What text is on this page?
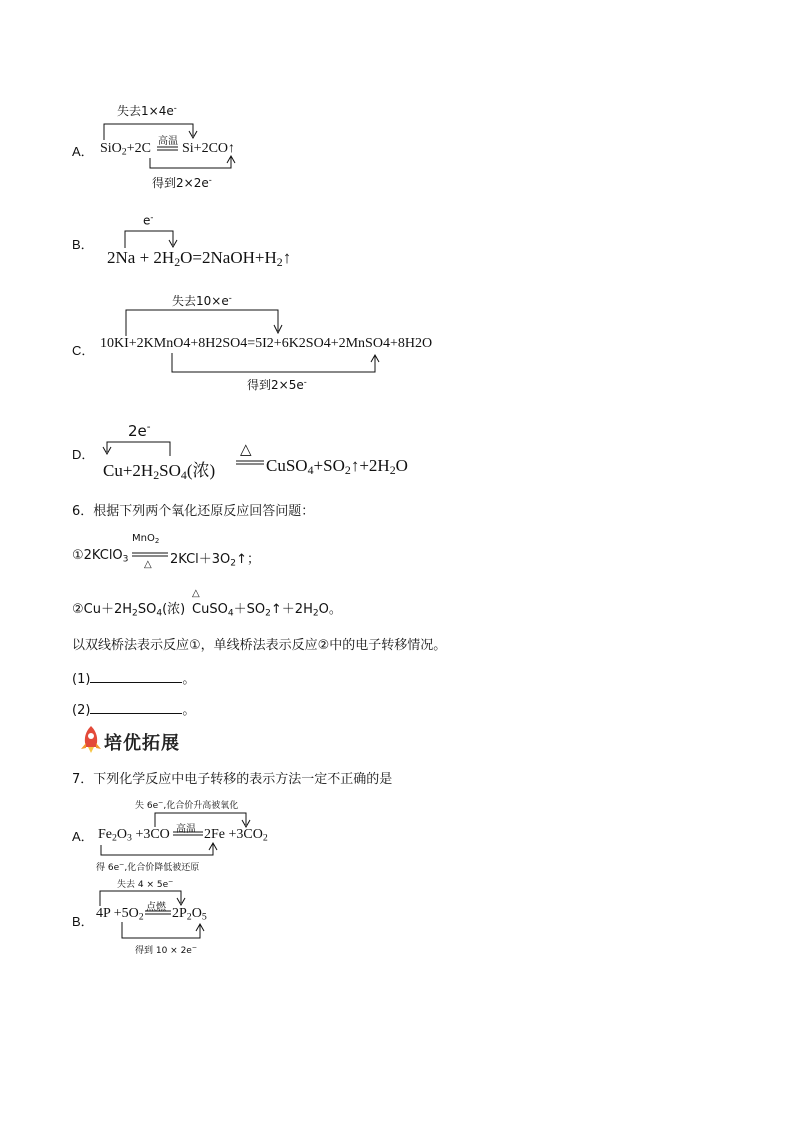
A．
失去1×4e-
SiO$_2$+2C 高温 Si+2CO↑
得到2×2e-
B．
e-
$2Na + 2H_2O=2NaOH+H_2↑$
C．
失去10×e-
10KI+2KMnO4+8H2SO4=5I2+6K2SO4+2MnSO4+8H2O
得到2×5e-
D．
2e-
$Cu+2H_2SO_4$(浓)
△
$CuSO_4+SO_2↑+2H_2O$
6．根据下列两个氧化还原反应回答问题：
①2KClO$_3$
MnO$_2$
△ $2KCl+3O_2↑$；
$②Cu+2H_2SO_4$(浓)
△
$CuSO_4+SO_2↑+2H_2O$。
以双线桥法表示反应①，单线桥法表示反应②中的电子转移情况。
(1)	。
(2)	。
培优拓展
7．下列化学反应中电子转移的表示方法一定不正确的是
A．
失 6e−,化合价升高被氧化
$Fe_2O_3 +3CO$ 高温 $2Fe +3CO_2$
得 6e−,化合价降低被还原
B．
失去 4 × 5e−
$4P +5O_2$
点燃 $2P_2O_5$
得到 10 × 2e−
